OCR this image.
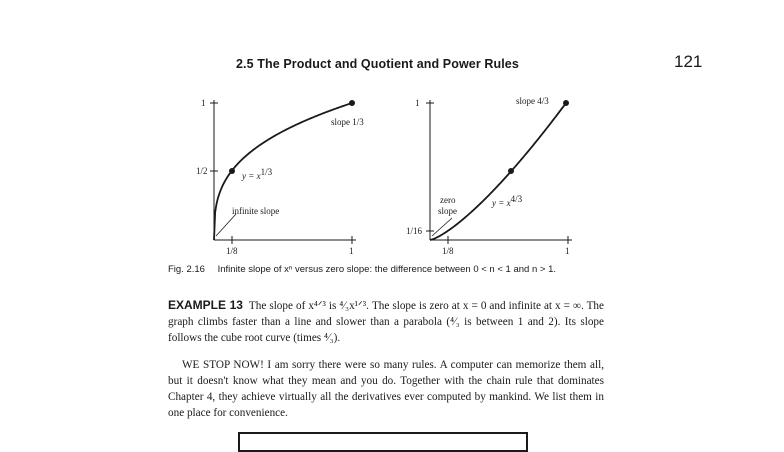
2.5 The Product and Quotient and Power Rules	121
1
1/2
1/8	1
slope 1/3
$y = x^{1/3}$
infinite slope
1
1/16
1/8	1
slope 4/3
$y = x^{4/3}$
zero
slope
Fig. 2.16 Infinite slope of xⁿ versus zero slope: the difference between 0 < n < 1 and n > 1.
EXAMPLE 13 The slope of x⁴ᐟ³ is ⁴⁄₃x¹ᐟ³. The slope is zero at x = 0 and infinite at x = ∞. The graph climbs faster than a line and slower than a parabola (⁴⁄₃ is between 1 and 2). Its slope follows the cube root curve (times ⁴⁄₃).
WE STOP NOW! I am sorry there were so many rules. A computer can memorize them all, but it doesn't know what they mean and you do. Together with the chain rule that dominates Chapter 4, they achieve virtually all the derivatives ever computed by mankind. We list them in one place for convenience.
